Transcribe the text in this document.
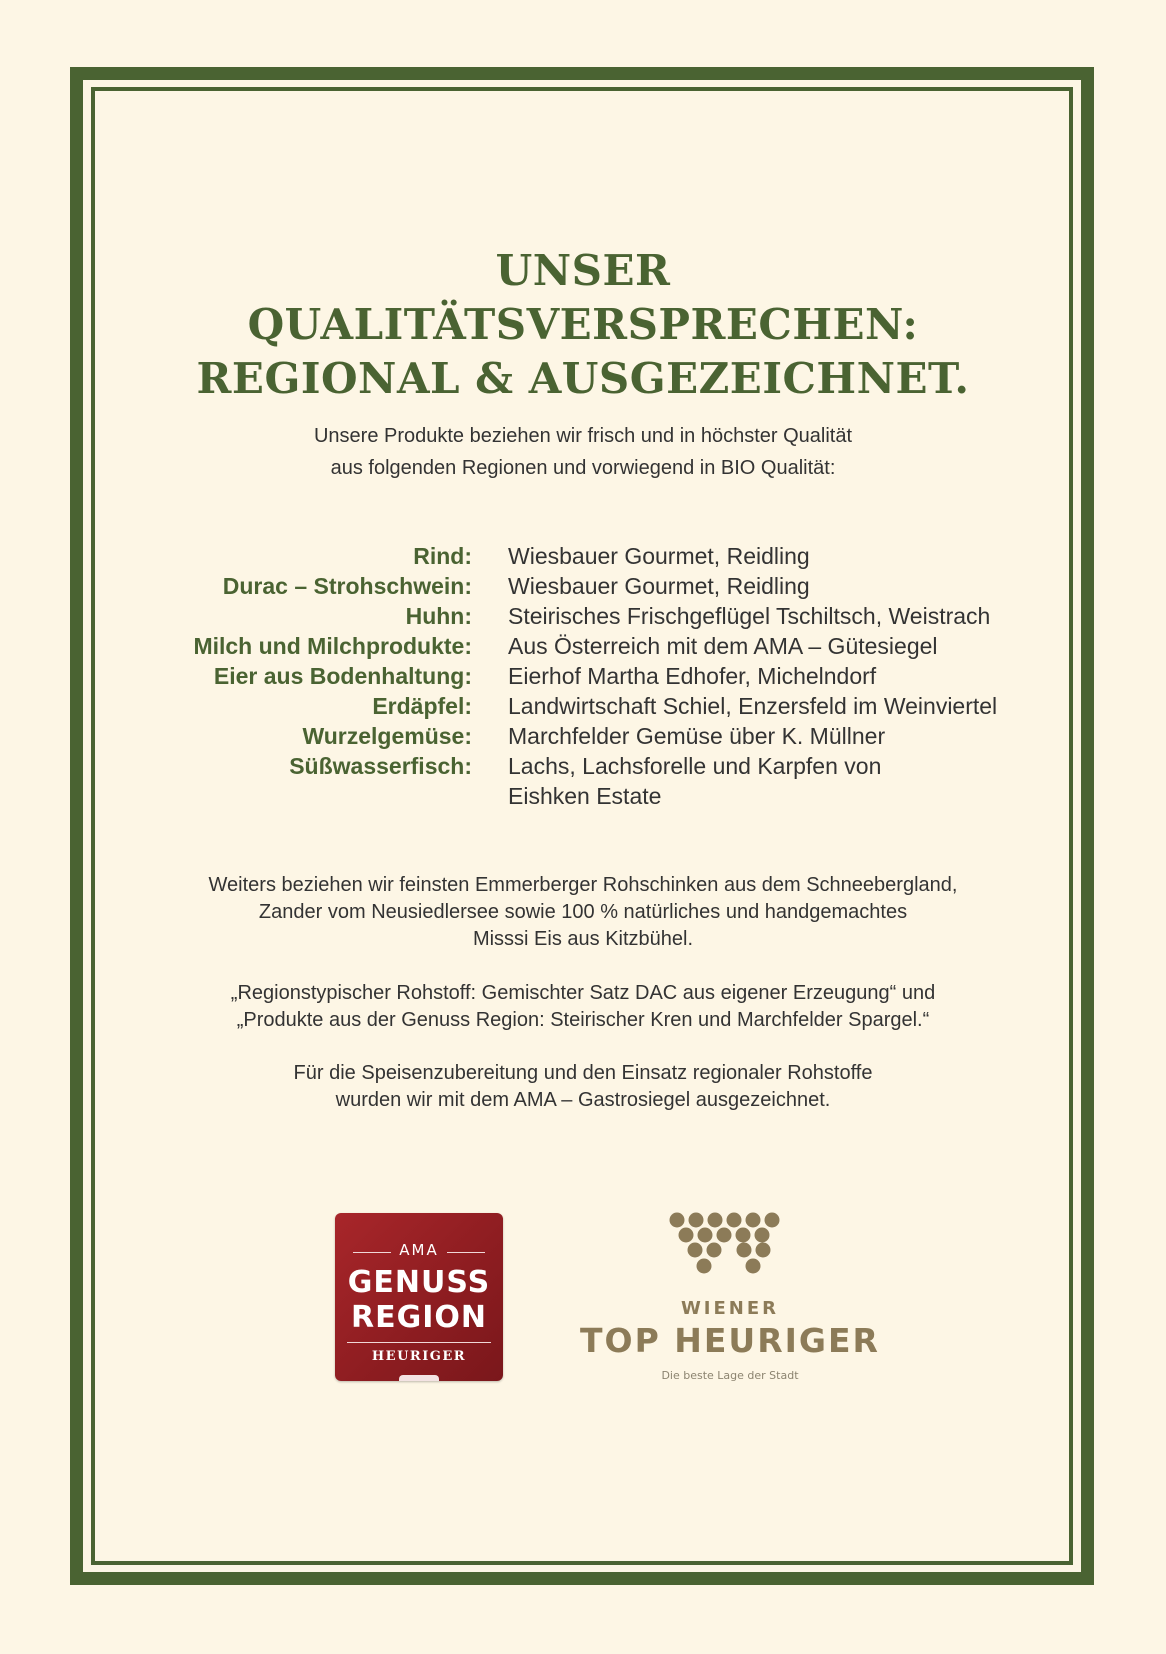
UNSER
QUALITÄTSVERSPRECHEN:
REGIONAL & AUSGEZEICHNET.
Unsere Produkte beziehen wir frisch und in höchster Qualität
aus folgenden Regionen und vorwiegend in BIO Qualität:
Rind: Wiesbauer Gourmet, Reidling
Durac – Strohschwein: Wiesbauer Gourmet, Reidling
Huhn: Steirisches Frischgeflügel Tschiltsch, Weistrach
Milch und Milchprodukte: Aus Österreich mit dem AMA – Gütesiegel
Eier aus Bodenhaltung: Eierhof Martha Edhofer, Michelndorf
Erdäpfel: Landwirtschaft Schiel, Enzersfeld im Weinviertel
Wurzelgemüse: Marchfelder Gemüse über K. Müllner
Süßwasserfisch: Lachs, Lachsforelle und Karpfen von
Eishken Estate
Weiters beziehen wir feinsten Emmerberger Rohschinken aus dem Schneebergland,
Zander vom Neusiedlersee sowie 100 % natürliches und handgemachtes
Misssi Eis aus Kitzbühel.
„Regionstypischer Rohstoff: Gemischter Satz DAC aus eigener Erzeugung“ und
„Produkte aus der Genuss Region: Steirischer Kren und Marchfelder Spargel.“
Für die Speisenzubereitung und den Einsatz regionaler Rohstoffe
wurden wir mit dem AMA – Gastrosiegel ausgezeichnet.
AMA
GENUSS
REGION
HEURIGER
WIENER
TOP HEURIGER
Die beste Lage der Stadt
